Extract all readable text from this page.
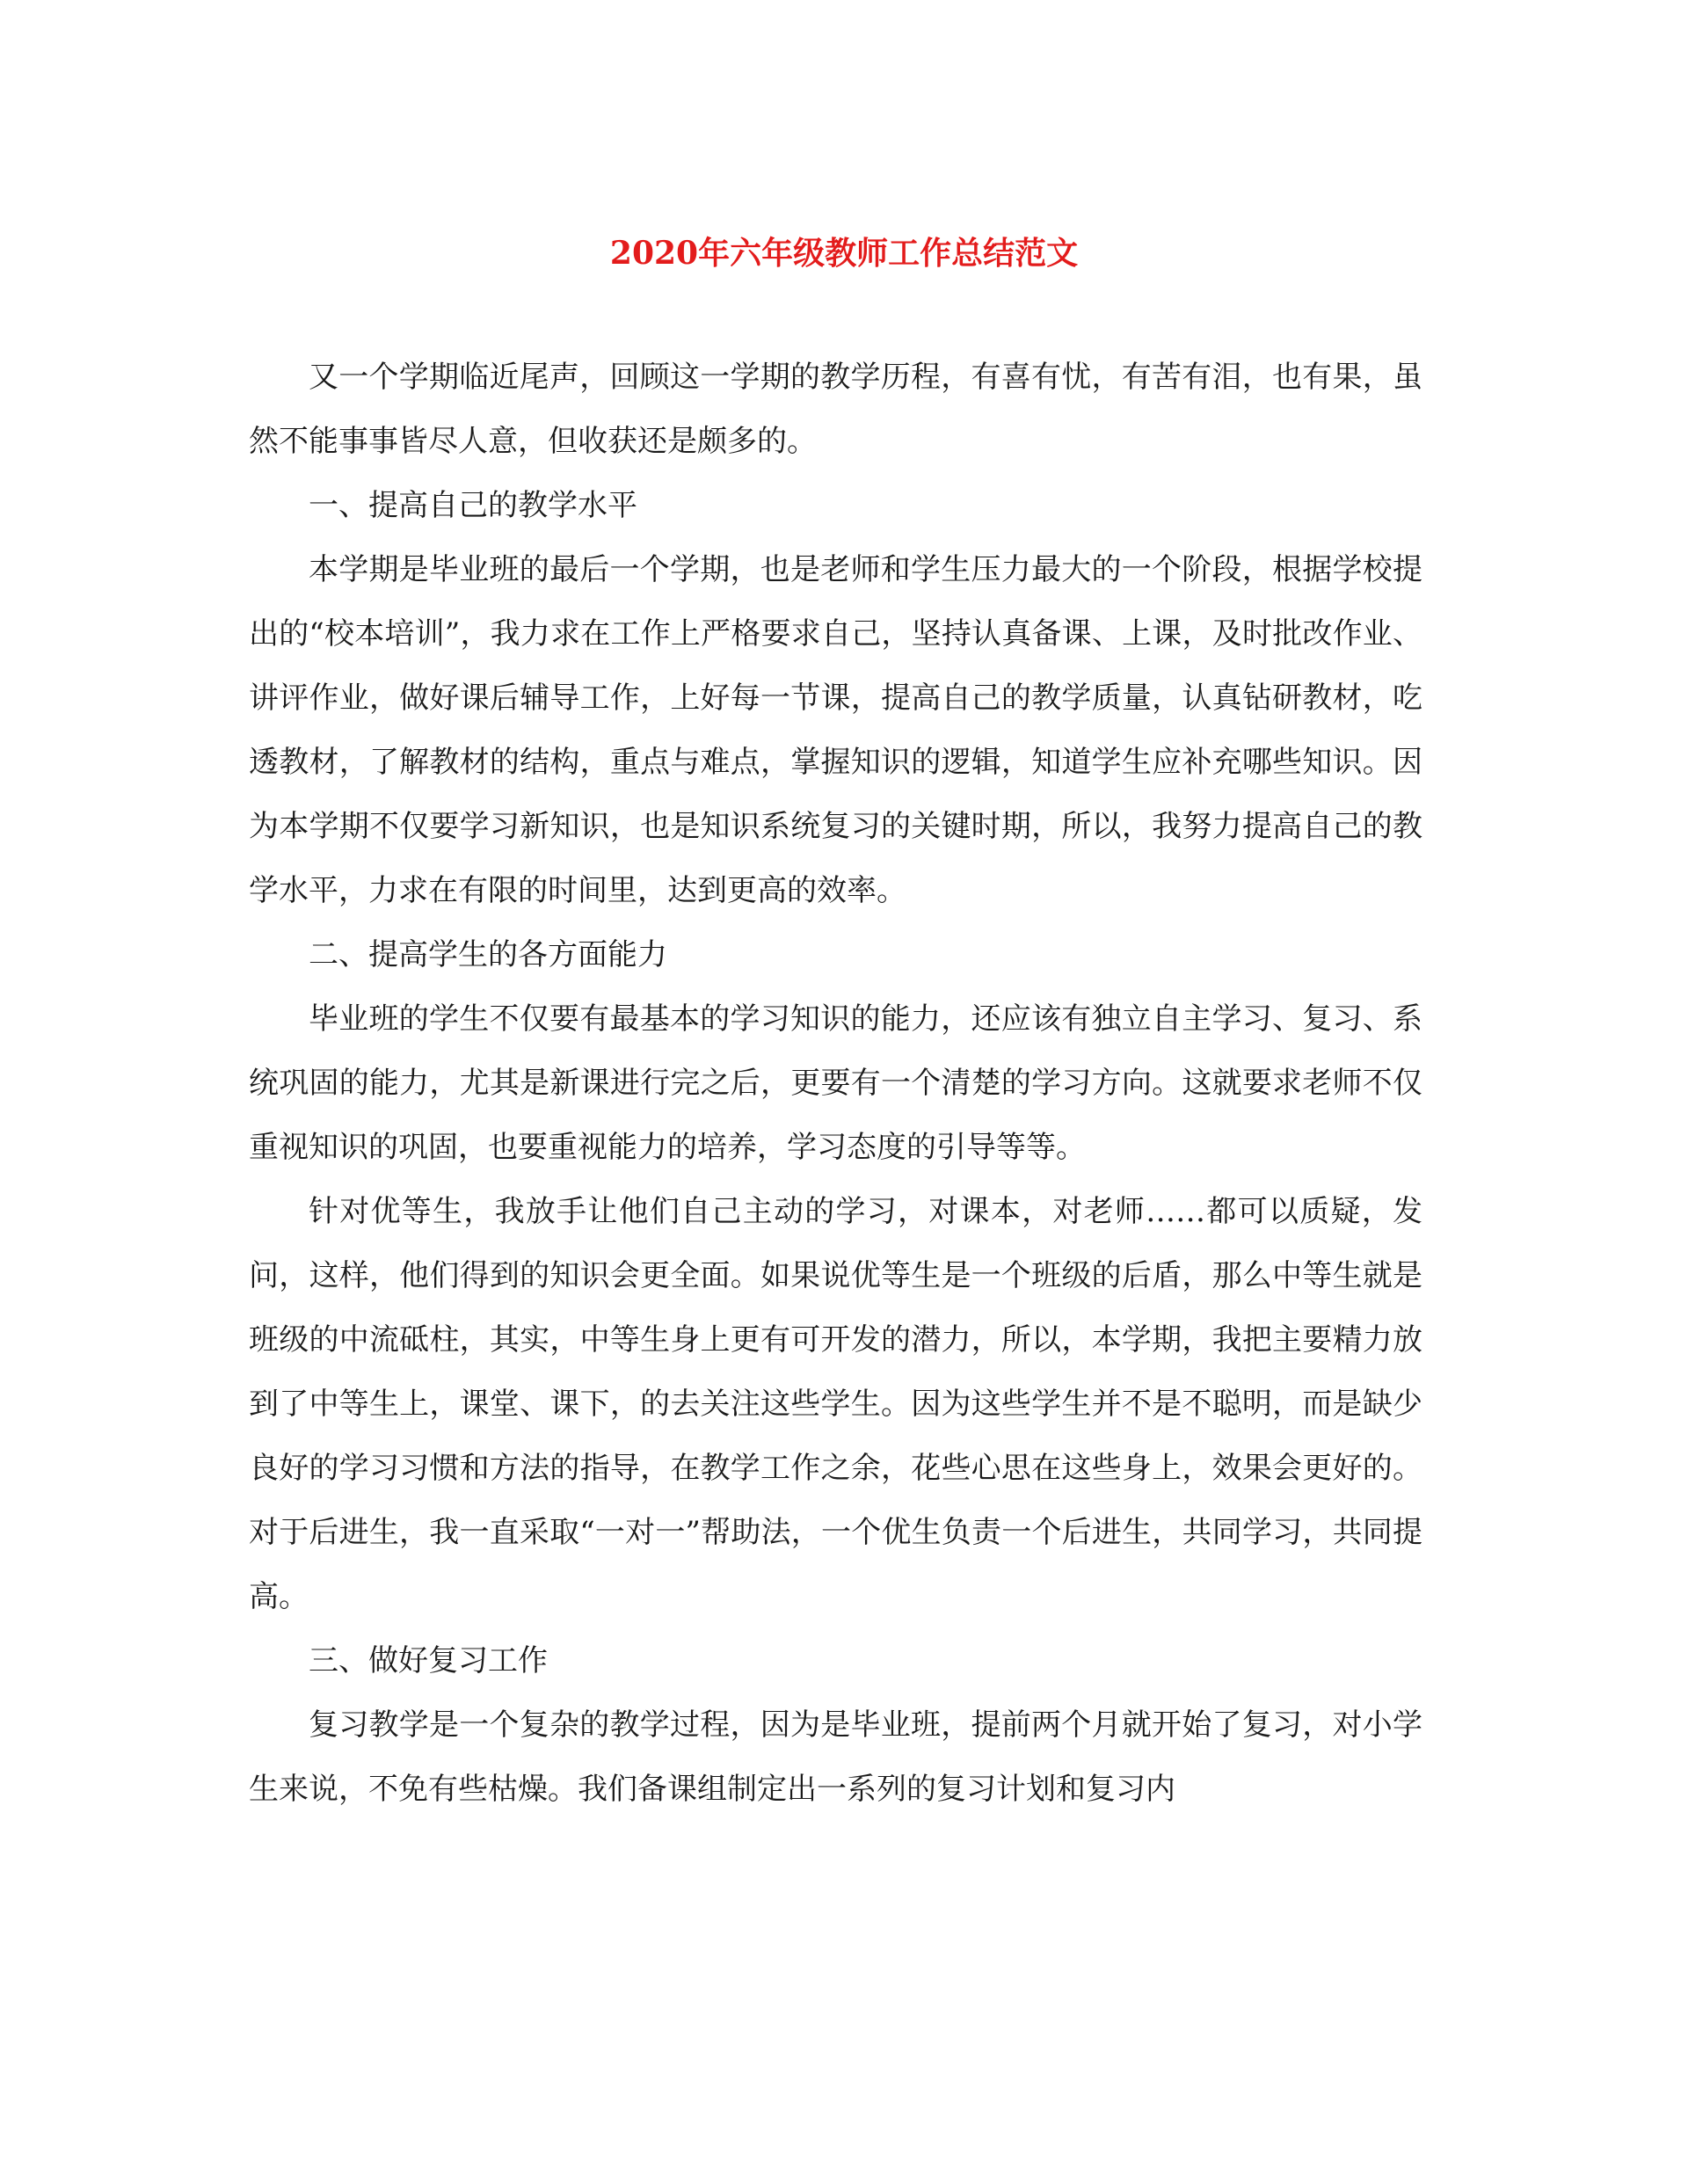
2020年六年级教师工作总结范文

又一个学期临近尾声，回顾这一学期的教学历程，有喜有忧，有苦有泪，也有果，虽然不能事事皆尽人意，但收获还是颇多的。

一、提高自己的教学水平

本学期是毕业班的最后一个学期，也是老师和学生压力最大的一个阶段，根据学校提出的“校本培训”，我力求在工作上严格要求自己，坚持认真备课、上课，及时批改作业、讲评作业，做好课后辅导工作，上好每一节课，提高自己的教学质量，认真钻研教材，吃透教材，了解教材的结构，重点与难点，掌握知识的逻辑，知道学生应补充哪些知识。因为本学期不仅要学习新知识，也是知识系统复习的关键时期，所以，我努力提高自己的教学水平，力求在有限的时间里，达到更高的效率。

二、提高学生的各方面能力

毕业班的学生不仅要有最基本的学习知识的能力，还应该有独立自主学习、复习、系统巩固的能力，尤其是新课进行完之后，更要有一个清楚的学习方向。这就要求老师不仅重视知识的巩固，也要重视能力的培养，学习态度的引导等等。

针对优等生，我放手让他们自己主动的学习，对课本，对老师……都可以质疑，发问，这样，他们得到的知识会更全面。如果说优等生是一个班级的后盾，那么中等生就是班级的中流砥柱，其实，中等生身上更有可开发的潜力，所以，本学期，我把主要精力放到了中等生上，课堂、课下，的去关注这些学生。因为这些学生并不是不聪明，而是缺少良好的学习习惯和方法的指导，在教学工作之余，花些心思在这些身上，效果会更好的。对于后进生，我一直采取“一对一”帮助法，一个优生负责一个后进生，共同学习，共同提高。

三、做好复习工作

复习教学是一个复杂的教学过程，因为是毕业班，提前两个月就开始了复习，对小学生来说，不免有些枯燥。我们备课组制定出一系列的复习计划和复习内
